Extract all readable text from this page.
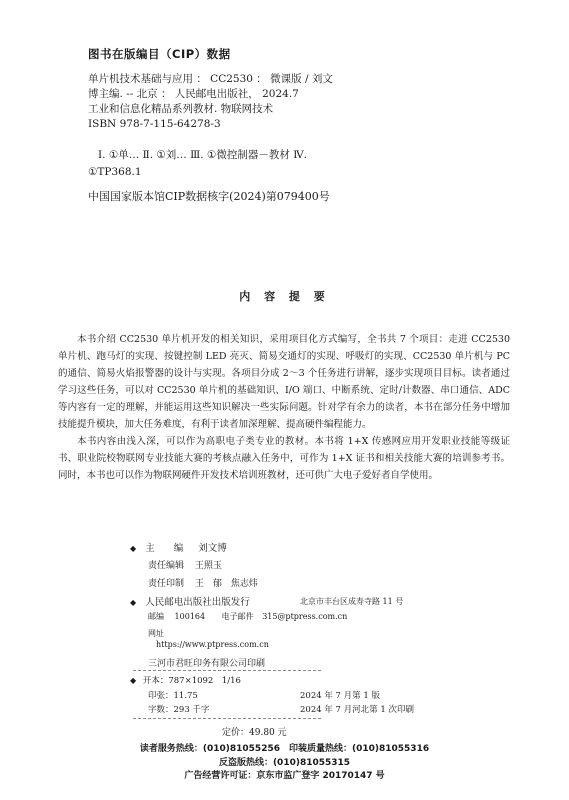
图书在版编目（CIP）数据
单片机技术基础与应用 ： CC2530 ： 微课版 / 刘文
博主编. -- 北京 ： 人民邮电出版社， 2024.7
工业和信息化精品系列教材. 物联网技术
ISBN 978-7-115-64278-3
Ⅰ. ①单… Ⅱ. ①刘… Ⅲ. ①微控制器－教材 Ⅳ.
①TP368.1
中国国家版本馆CIP数据核字(2024)第079400号
内 容 提 要

本书介绍 CC2530 单片机开发的相关知识，采用项目化方式编写，全书共 7 个项目：走进 CC2530 单片机、跑马灯的实现、按键控制 LED 亮灭、简易交通灯的实现、呼吸灯的实现、CC2530 单片机与 PC 的通信、简易火焰报警器的设计与实现。各项目分成 2～3 个任务进行讲解，逐步实现项目目标。读者通过学习这些任务，可以对 CC2530 单片机的基础知识、I/O 端口、中断系统、定时/计数器、串口通信、ADC 等内容有一定的理解，并能运用这些知识解决一些实际问题。针对学有余力的读者，本书在部分任务中增加技能提升模块，加大任务难度，有利于读者加深理解、提高硬件编程能力。

本书内容由浅入深，可以作为高职电子类专业的教材。本书将 1+X 传感网应用开发职业技能等级证书、职业院校物联网专业技能大赛的考核点融入任务中，可作为 1+X 证书和相关技能大赛的培训参考书。同时，本书也可以作为物联网硬件开发技术培训班教材，还可供广大电子爱好者自学使用。

◆ 主　　编 刘文博
责任编辑 王照玉
责任印制 王　郁　焦志炜
◆ 人民邮电出版社出版发行	北京市丰台区成寿寺路 11 号
邮编 100164 电子邮件 315@ptpress.com.cn
网址
https://www.ptpress.com.cn
三河市君旺印务有限公司印刷
◆ 开本：787×1092　1/16
印张：11.75	2024 年 7 月第 1 版
字数：293 千字	2024 年 7 月河北第 1 次印刷
定价：49.80 元
读者服务热线：(010)81055256　印装质量热线：(010)81055316
反盗版热线：(010)81055315
广告经营许可证：京东市监广登字 20170147 号
